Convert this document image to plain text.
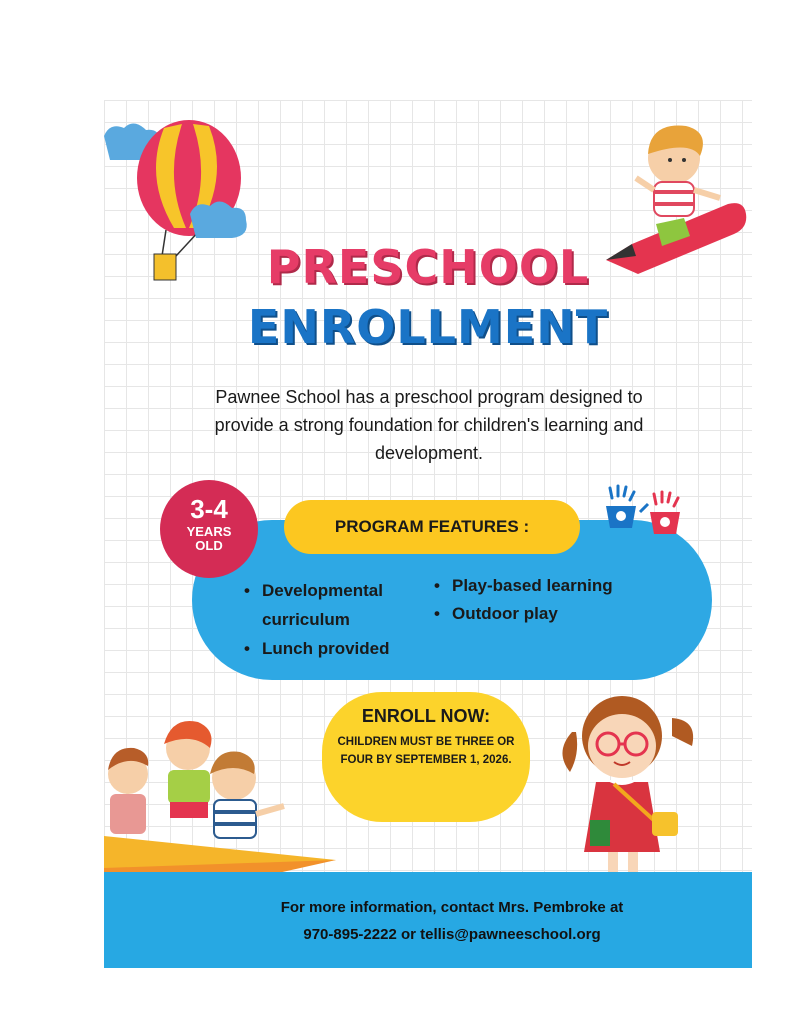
PRESCHOOL
ENROLLMENT
Pawnee School has a preschool program designed to provide a strong foundation for children's learning and development.
3-4
YEARS
OLD
PROGRAM FEATURES :
• Developmental curriculum
• Lunch provided
• Play-based learning
• Outdoor play
ENROLL NOW:
CHILDREN MUST BE THREE OR FOUR BY SEPTEMBER 1, 2026.
For more information, contact Mrs. Pembroke at
970-895-2222 or tellis@pawneeschool.org
